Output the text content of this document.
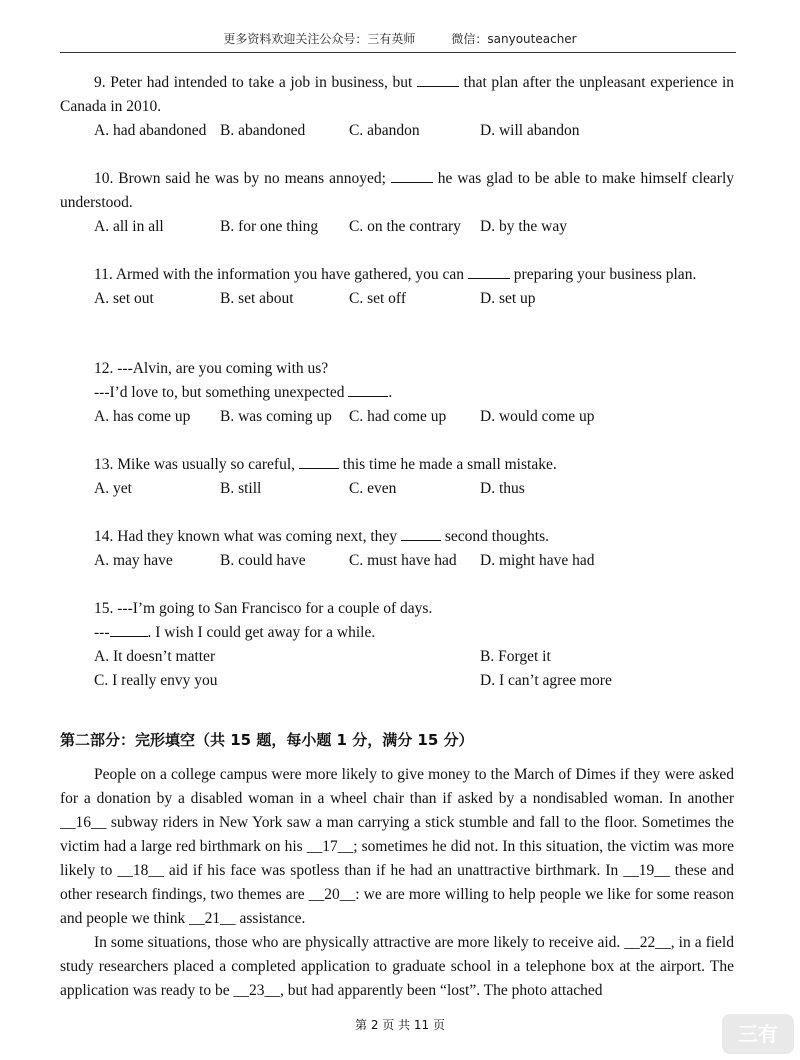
更多资料欢迎关注公众号：三有英师	微信：sanyouteacher
9. Peter had intended to take a job in business, but	that plan after the unpleasant experience in Canada in 2010.
A. had abandoned B. abandoned	C. abandon	D. will abandon
10. Brown said he was by no means annoyed;	he was glad to be able to make himself clearly understood.
A. all in all	B. for one thing C. on the contrary D. by the way
11. Armed with the information you have gathered, you can	preparing your business plan.
A. set out	B. set about	C. set off	D. set up
12. ---Alvin, are you coming with us?
---I’d love to, but something unexpected	.
A. has come up B. was coming up C. had come up D. would come up
13. Mike was usually so careful,	this time he made a small mistake.
A. yet	B. still	C. even	D. thus
14. Had they known what was coming next, they	second thoughts.
A. may have	B. could have	C. must have had D. might have had
15. ---I’m going to San Francisco for a couple of days.
--- . I wish I could get away for a while.
A. It doesn’t matter	B. Forget it
C. I really envy you	D. I can’t agree more
第二部分：完形填空（共 15 题，每小题 1 分，满分 15 分）

People on a college campus were more likely to give money to the March of Dimes if they were asked for a donation by a disabled woman in a wheel chair than if asked by a nondisabled woman. In another __16__ subway riders in New York saw a man carrying a stick stumble and fall to the floor. Sometimes the victim had a large red birthmark on his __17__; sometimes he did not. In this situation, the victim was more likely to __18__ aid if his face was spotless than if he had an unattractive birthmark. In __19__ these and other research findings, two themes are __20__: we are more willing to help people we like for some reason and people we think __21__ assistance.

In some situations, those who are physically attractive are more likely to receive aid. __22__, in a field study researchers placed a completed application to graduate school in a telephone box at the airport. The application was ready to be __23__, but had apparently been “lost”. The photo attached

第 2 页 共 11 页	三有
